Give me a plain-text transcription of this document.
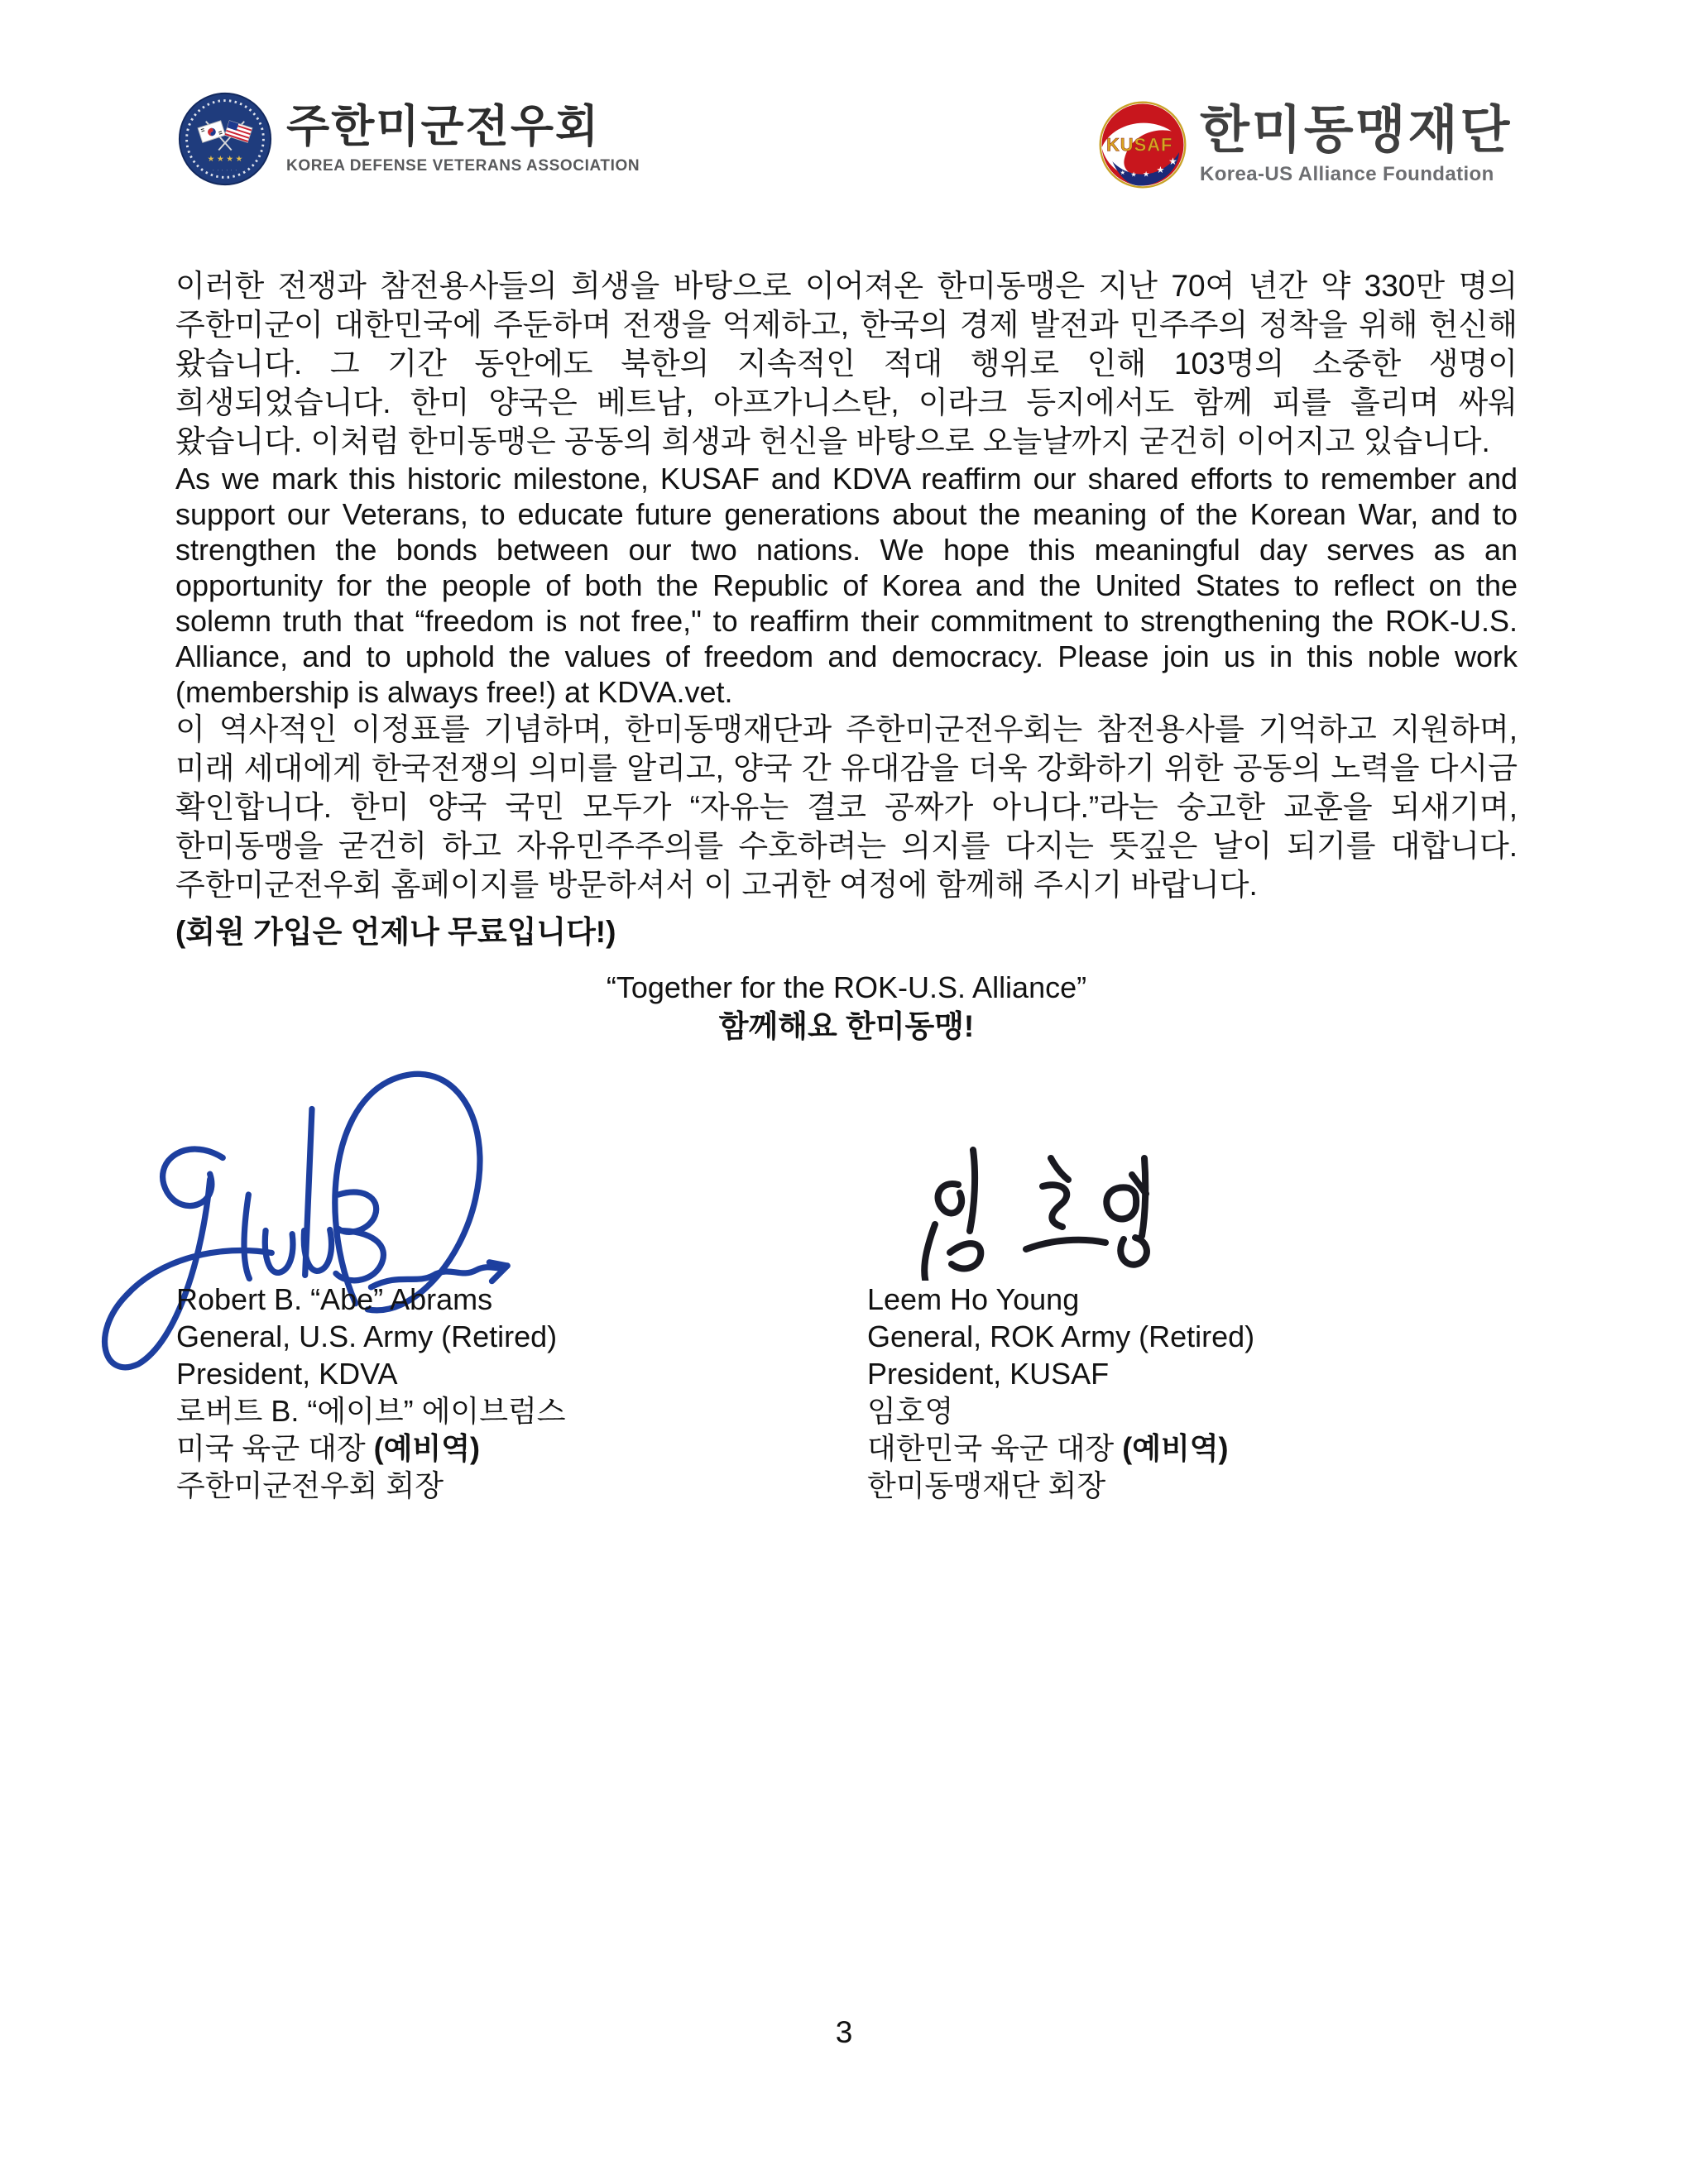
★ ★ ★ ★
· · · · · ·
주한미군전우회
KOREA DEFENSE VETERANS ASSOCIATION	★ ★ ★ ★
★
KUSAF 한미동맹재단
Korea-US Alliance Foundation

이러한 전쟁과 참전용사들의 희생을 바탕으로 이어져온 한미동맹은 지난 70여 년간 약 330만 명의 주한미군이 대한민국에 주둔하며 전쟁을 억제하고, 한국의 경제 발전과 민주주의 정착을 위해 헌신해 왔습니다. 그 기간 동안에도 북한의 지속적인 적대 행위로 인해 103명의 소중한 생명이 희생되었습니다. 한미 양국은 베트남, 아프가니스탄, 이라크 등지에서도 함께 피를 흘리며 싸워 왔습니다. 이처럼 한미동맹은 공동의 희생과 헌신을 바탕으로 오늘날까지 굳건히 이어지고 있습니다.

As we mark this historic milestone, KUSAF and KDVA reaffirm our shared efforts to remember and support our Veterans, to educate future generations about the meaning of the Korean War, and to strengthen the bonds between our two nations. We hope this meaningful day serves as an opportunity for the people of both the Republic of Korea and the United States to reflect on the solemn truth that “freedom is not free," to reaffirm their commitment to strengthening the ROK-U.S. Alliance, and to uphold the values of freedom and democracy. Please join us in this noble work (membership is always free!) at KDVA.vet.

이 역사적인 이정표를 기념하며, 한미동맹재단과 주한미군전우회는 참전용사를 기억하고 지원하며, 미래 세대에게 한국전쟁의 의미를 알리고, 양국 간 유대감을 더욱 강화하기 위한 공동의 노력을 다시금 확인합니다. 한미 양국 국민 모두가 “자유는 결코 공짜가 아니다.”라는 숭고한 교훈을 되새기며, 한미동맹을 굳건히 하고 자유민주주의를 수호하려는 의지를 다지는 뜻깊은 날이 되기를 대합니다. 주한미군전우회 홈페이지를 방문하셔서 이 고귀한 여정에 함께해 주시기 바랍니다.

(회원 가입은 언제나 무료입니다!)

“Together for the ROK-U.S. Alliance”

함께해요 한미동맹!

Robert B. “Abe” Abrams
General, U.S. Army (Retired)
President, KDVA
로버트 B. “에이브” 에이브럼스
미국 육군 대장 (예비역)
주한미군전우회 회장
Leem Ho Young
General, ROK Army (Retired)
President, KUSAF
임호영
대한민국 육군 대장 (예비역)
한미동맹재단 회장
3
